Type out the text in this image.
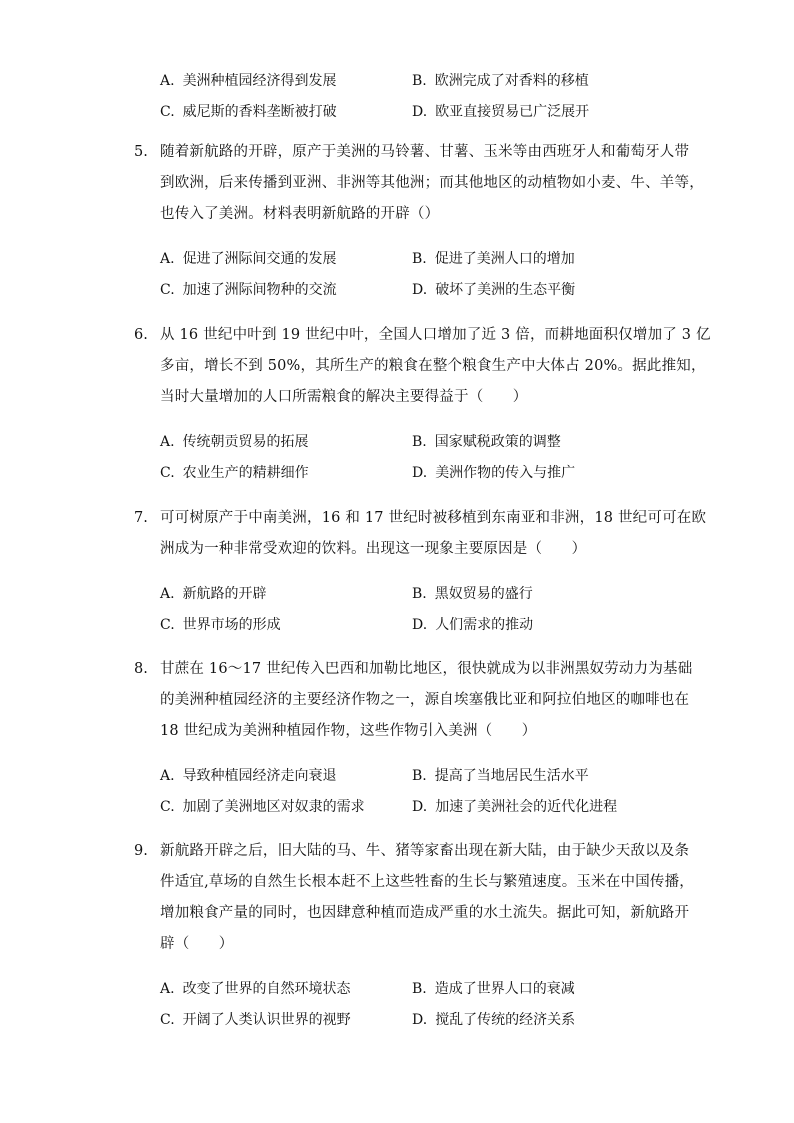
A. 美洲种植园经济得到发展	B. 欧洲完成了对香料的移植
C. 威尼斯的香料垄断被打破	D. 欧亚直接贸易已广泛展开
5. 随着新航路的开辟，原产于美洲的马铃薯、甘薯、玉米等由西班牙人和葡萄牙人带
到欧洲，后来传播到亚洲、非洲等其他洲；而其他地区的动植物如小麦、牛、羊等，
也传入了美洲。材料表明新航路的开辟（）
A. 促进了洲际间交通的发展	B. 促进了美洲人口的增加
C. 加速了洲际间物种的交流	D. 破坏了美洲的生态平衡
6. 从 16 世纪中叶到 19 世纪中叶，全国人口增加了近 3 倍，而耕地面积仅增加了 3 亿
多亩，增长不到 50%，其所生产的粮食在整个粮食生产中大体占 20%。据此推知，
当时大量增加的人口所需粮食的解决主要得益于（　　）
A. 传统朝贡贸易的拓展	B. 国家赋税政策的调整
C. 农业生产的精耕细作	D. 美洲作物的传入与推广
7. 可可树原产于中南美洲，16 和 17 世纪时被移植到东南亚和非洲，18 世纪可可在欧
洲成为一种非常受欢迎的饮料。出现这一现象主要原因是（　　）
A. 新航路的开辟	B. 黑奴贸易的盛行
C. 世界市场的形成	D. 人们需求的推动
8. 甘蔗在 16～17 世纪传入巴西和加勒比地区，很快就成为以非洲黑奴劳动力为基础
的美洲种植园经济的主要经济作物之一，源自埃塞俄比亚和阿拉伯地区的咖啡也在
18 世纪成为美洲种植园作物，这些作物引入美洲（　　）
A. 导致种植园经济走向衰退	B. 提高了当地居民生活水平
C. 加剧了美洲地区对奴隶的需求	D. 加速了美洲社会的近代化进程
9. 新航路开辟之后，旧大陆的马、牛、猪等家畜出现在新大陆，由于缺少天敌以及条
件适宜,草场的自然生长根本赶不上这些牲畜的生长与繁殖速度。玉米在中国传播，
增加粮食产量的同时，也因肆意种植而造成严重的水土流失。据此可知，新航路开
辟（　　）
A. 改变了世界的自然环境状态	B. 造成了世界人口的衰减
C. 开阔了人类认识世界的视野	D. 搅乱了传统的经济关系
